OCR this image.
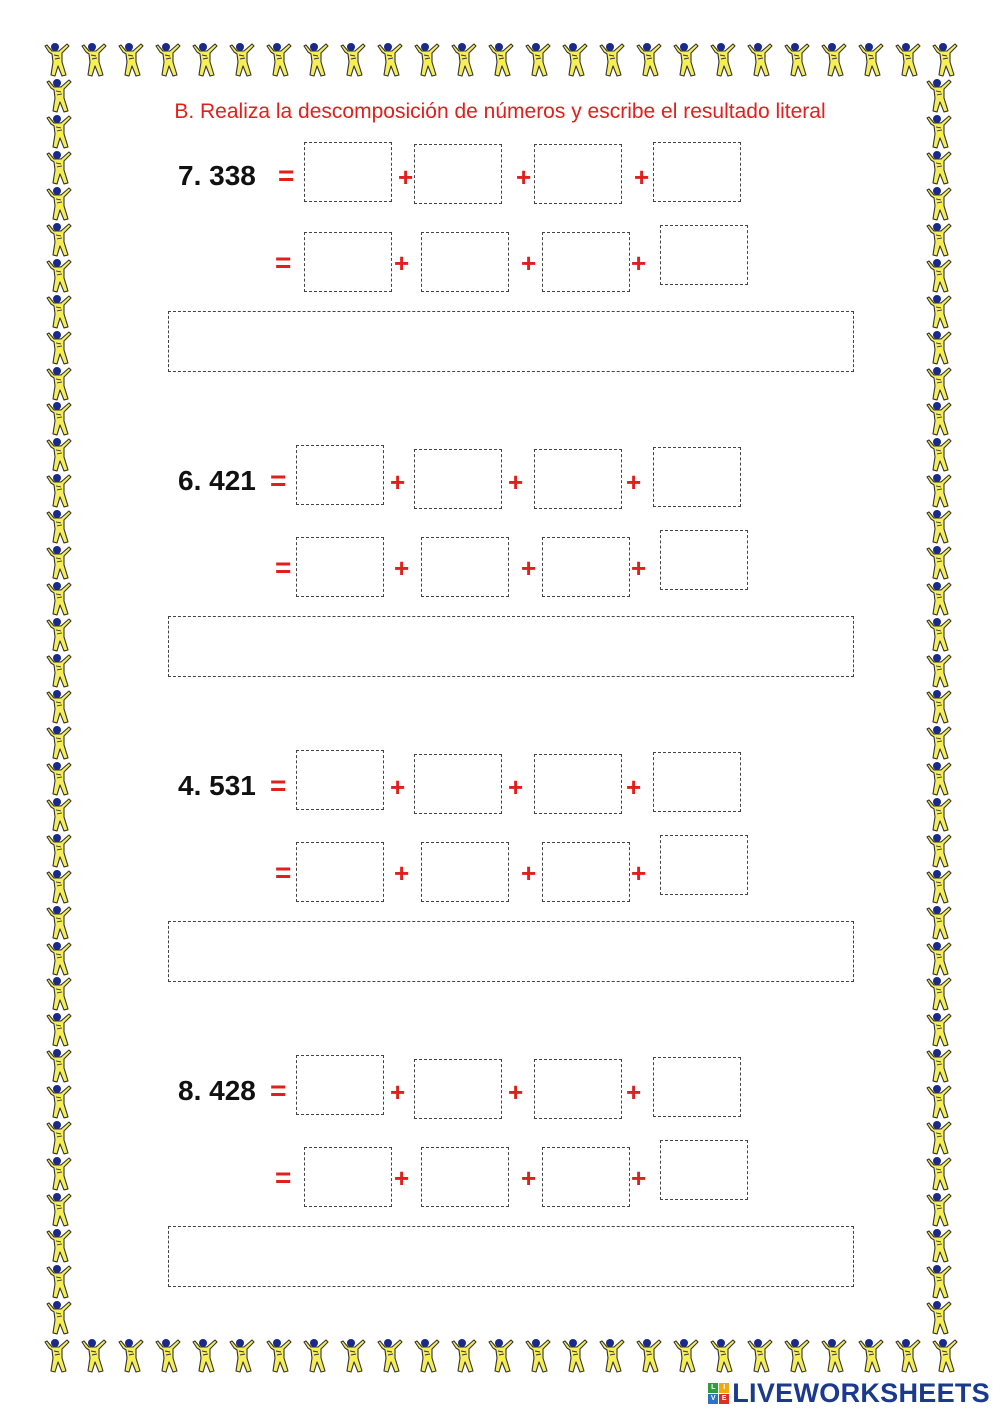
B. Realiza la descomposición de números y escribe el resultado literal
7. 338 =	+	+	+
=	+	+	+
6. 421 =	+	+	+
=	+	+	+
4. 531 =	+	+	+
=	+	+	+
8. 428 =	+	+	+
=	+	+	+
L	I
V E LIVEWORKSHEETS
